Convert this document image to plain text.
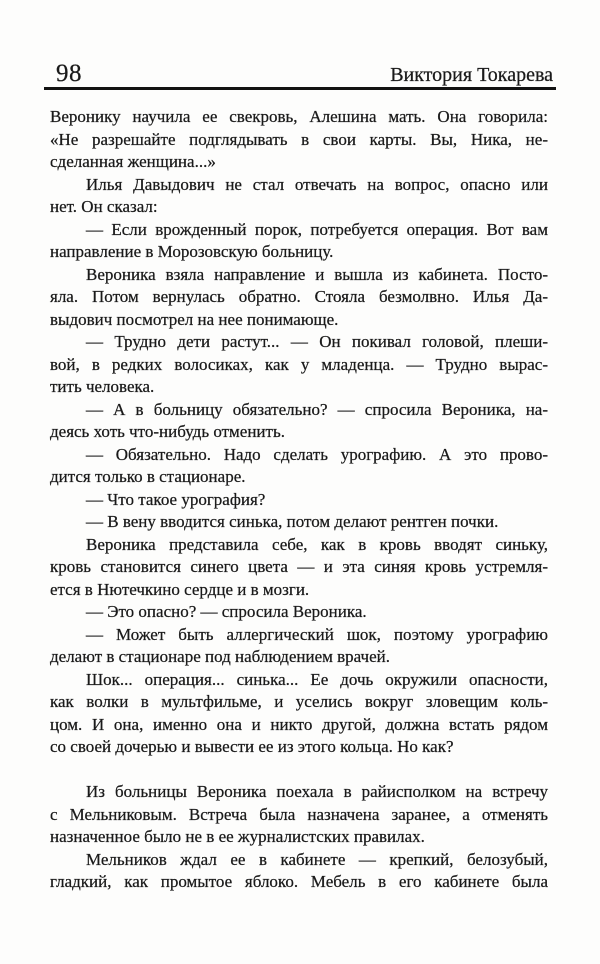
98	Виктория Токарева
Веронику научила ее свекровь, Алешина мать. Она говорила:
«Не разрешайте подглядывать в свои карты. Вы, Ника, не-
сделанная женщина...»
Илья Давыдович не стал отвечать на вопрос, опасно или
нет. Он сказал:
— Если врожденный порок, потребуется операция. Вот вам
направление в Морозовскую больницу.
Вероника взяла направление и вышла из кабинета. Посто-
яла. Потом вернулась обратно. Стояла безмолвно. Илья Да-
выдович посмотрел на нее понимающе.
— Трудно дети растут... — Он покивал головой, плеши-
вой, в редких волосиках, как у младенца. — Трудно вырас-
тить человека.
— А в больницу обязательно? — спросила Вероника, на-
деясь хоть что-нибудь отменить.
— Обязательно. Надо сделать урографию. А это прово-
дится только в стационаре.
— Что такое урография?
— В вену вводится синька, потом делают рентген почки.
Вероника представила себе, как в кровь вводят синьку,
кровь становится синего цвета — и эта синяя кровь устремля-
ется в Нютечкино сердце и в мозги.
— Это опасно? — спросила Вероника.
— Может быть аллергический шок, поэтому урографию
делают в стационаре под наблюдением врачей.
Шок... операция... синька... Ее дочь окружили опасности,
как волки в мультфильме, и уселись вокруг зловещим коль-
цом. И она, именно она и никто другой, должна встать рядом
со своей дочерью и вывести ее из этого кольца. Но как?
Из больницы Вероника поехала в райисполком на встречу
с Мельниковым. Встреча была назначена заранее, а отменять
назначенное было не в ее журналистских правилах.
Мельников ждал ее в кабинете — крепкий, белозубый,
гладкий, как промытое яблоко. Мебель в его кабинете была
